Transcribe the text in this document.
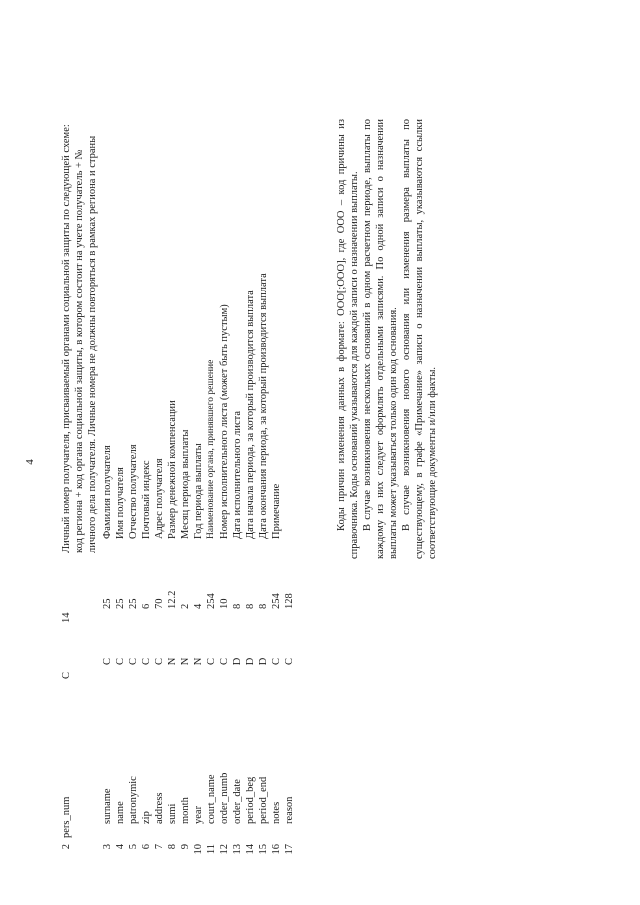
4
2
pers_num
C
14
Личный номер получателя, присваиваемый органами социальной защиты по следующей схеме: код региона + код органа социальной защиты, в котором состоит на учете получатель + № личного дела получателя. Личные номера не должны повторяться в рамках региона и страны
3
surname
C
25
Фамилия получателя
4
name
C
25
Имя получателя
5
patronymic
C
25
Отчество получателя
6
zip
C
6
Почтовый индекс
7
address
C
70
Адрес получателя
8
sumi
N
12.2
Размер денежной компенсации
9
month
N
2
Месяц периода выплаты
10
year
N
4
Год периода выплаты
11
court_name
C
254
Наименование органа, принявшего решение
12
order_numb
C
10
Номер исполнительного листа (может быть пустым)
13
order_date
D
8
Дата исполнительного листа
14
period_beg
D
8
Дата начала периода, за который производится выплата
15
period_end
D
8
Дата окончания периода, за который производится выплата
16
notes
C
254
Примечание
17
reason
C
128

Коды причин изменения данных в формате: ООО[;ООО], где ООО – код причины из справочника. Коды оснований указываются для каждой записи о назначении выплаты. В случае возникновения нескольких оснований в одном расчетном периоде, выплаты по каждому из них следует оформлять отдельными записями. По одной записи о назначении выплаты может указываться только один код основания. В случае возникновения нового основания или изменения размера выплаты по существующему, в графе «Примечание» записи о назначении выплаты, указываются ссылки соответствующие документы и/или факты.
